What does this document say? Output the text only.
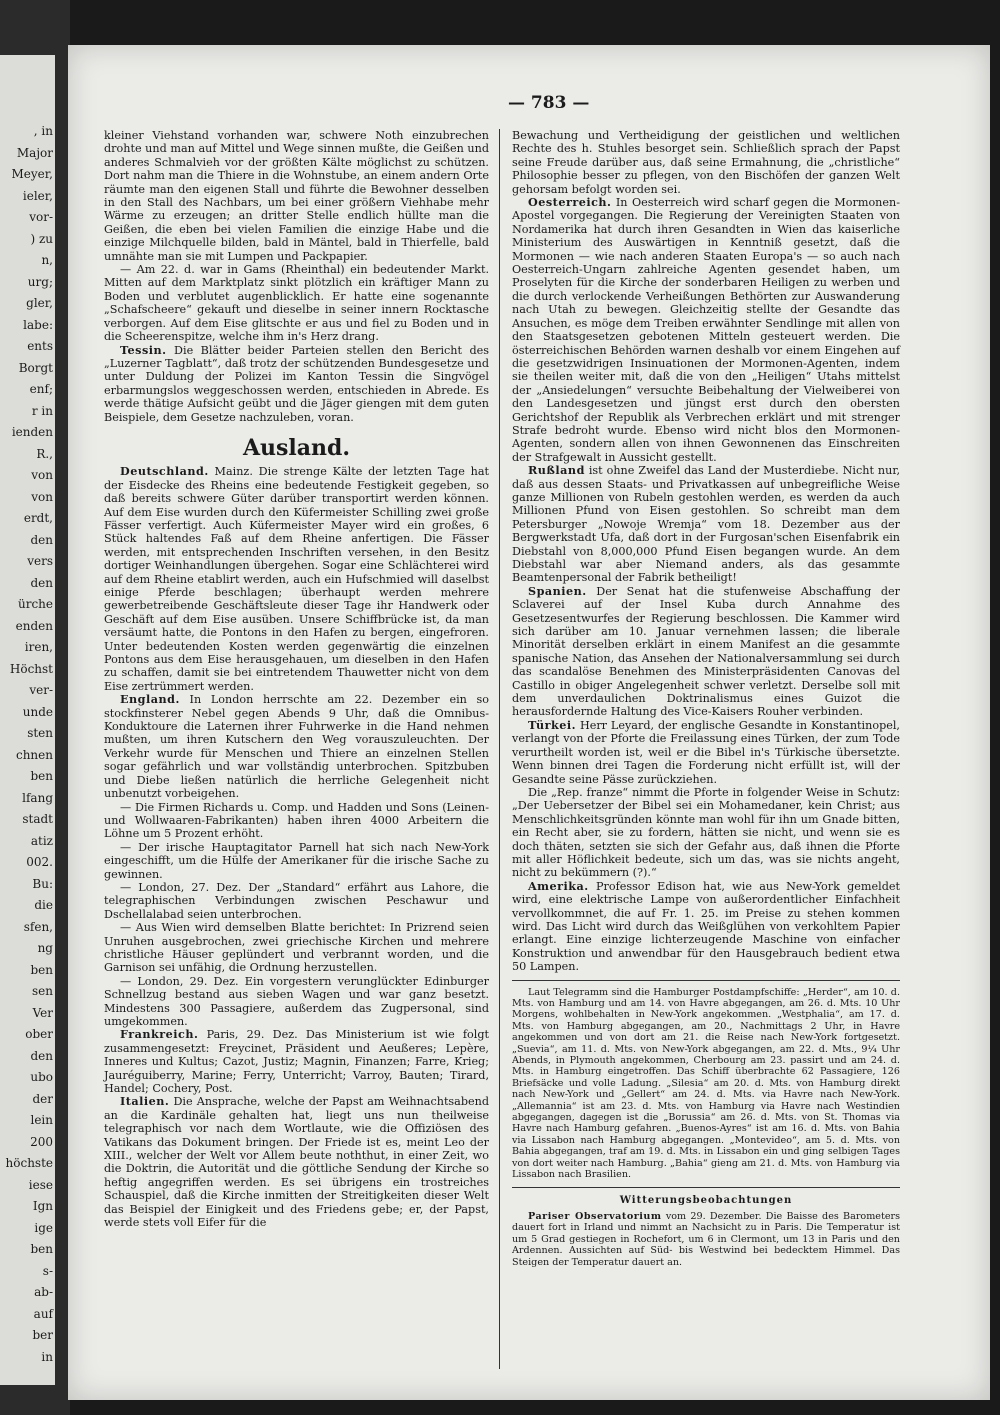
, in
Major
Meyer,
ieler,
vor-
) zu
n,
urg;
gler,
labe:
ents
Borgt
enf;
r in
ienden
R.,
von
von
erdt,
den
vers
den
ürche
enden
iren,
Höchst
ver-
unde
sten
chnen
ben
lfang
stadt
atiz
002.
Bu:
die
sfen,
ng
ben
sen
Ver
ober
den
ubo
der
lein
200
höchste
iese
Ign
ige
ben
s-
ab-
auf
ber
in
— 783 —

kleiner Viehstand vorhanden war, schwere Noth einzubrechen drohte und man auf Mittel und Wege sinnen mußte, die Geißen und anderes Schmalvieh vor der größten Kälte möglichst zu schützen. Dort nahm man die Thiere in die Wohnstube, an einem andern Orte räumte man den eigenen Stall und führte die Bewohner desselben in den Stall des Nachbars, um bei einer größern Viehhabe mehr Wärme zu erzeugen; an dritter Stelle endlich hüllte man die Geißen, die eben bei vielen Familien die einzige Habe und die einzige Milchquelle bilden, bald in Mäntel, bald in Thierfelle, bald umnähte man sie mit Lumpen und Packpapier.

— Am 22. d. war in Gams (Rheinthal) ein bedeutender Markt. Mitten auf dem Marktplatz sinkt plötzlich ein kräftiger Mann zu Boden und verblutet augenblicklich. Er hatte eine sogenannte „Schafscheere“ gekauft und dieselbe in seiner innern Rocktasche verborgen. Auf dem Eise glitschte er aus und fiel zu Boden und in die Scheerenspitze, welche ihm in's Herz drang.

Tessin. Die Blätter beider Parteien stellen den Bericht des „Luzerner Tagblatt“, daß trotz der schützenden Bundesgesetze und unter Duldung der Polizei im Kanton Tessin die Singvögel erbarmungslos weggeschossen werden, entschieden in Abrede. Es werde thätige Aufsicht geübt und die Jäger giengen mit dem guten Beispiele, dem Gesetze nachzuleben, voran.

Ausland.

Deutschland. Mainz. Die strenge Kälte der letzten Tage hat der Eisdecke des Rheins eine bedeutende Festigkeit gegeben, so daß bereits schwere Güter darüber transportirt werden können. Auf dem Eise wurden durch den Küfermeister Schilling zwei große Fässer verfertigt. Auch Küfermeister Mayer wird ein großes, 6 Stück haltendes Faß auf dem Rheine anfertigen. Die Fässer werden, mit entsprechenden Inschriften versehen, in den Besitz dortiger Weinhandlungen übergehen. Sogar eine Schlächterei wird auf dem Rheine etablirt werden, auch ein Hufschmied will daselbst einige Pferde beschlagen; überhaupt werden mehrere gewerbetreibende Geschäftsleute dieser Tage ihr Handwerk oder Geschäft auf dem Eise ausüben. Unsere Schiffbrücke ist, da man versäumt hatte, die Pontons in den Hafen zu bergen, eingefroren. Unter bedeutenden Kosten werden gegenwärtig die einzelnen Pontons aus dem Eise herausgehauen, um dieselben in den Hafen zu schaffen, damit sie bei eintretendem Thauwetter nicht von dem Eise zertrümmert werden.

England. In London herrschte am 22. Dezember ein so stockfinsterer Nebel gegen Abends 9 Uhr, daß die Omnibus-Konduktoure die Laternen ihrer Fuhrwerke in die Hand nehmen mußten, um ihren Kutschern den Weg vorauszuleuchten. Der Verkehr wurde für Menschen und Thiere an einzelnen Stellen sogar gefährlich und war vollständig unterbrochen. Spitzbuben und Diebe ließen natürlich die herrliche Gelegenheit nicht unbenutzt vorbeigehen.

— Die Firmen Richards u. Comp. und Hadden und Sons (Leinen- und Wollwaaren-Fabrikanten) haben ihren 4000 Arbeitern die Löhne um 5 Prozent erhöht.

— Der irische Hauptagitator Parnell hat sich nach New-York eingeschifft, um die Hülfe der Amerikaner für die irische Sache zu gewinnen.

— London, 27. Dez. Der „Standard“ erfährt aus Lahore, die telegraphischen Verbindungen zwischen Peschawur und Dschellalabad seien unterbrochen.

— Aus Wien wird demselben Blatte berichtet: In Prizrend seien Unruhen ausgebrochen, zwei griechische Kirchen und mehrere christliche Häuser geplündert und verbrannt worden, und die Garnison sei unfähig, die Ordnung herzustellen.

— London, 29. Dez. Ein vorgestern verunglückter Edinburger Schnellzug bestand aus sieben Wagen und war ganz besetzt. Mindestens 300 Passagiere, außerdem das Zugpersonal, sind umgekommen.

Frankreich. Paris, 29. Dez. Das Ministerium ist wie folgt zusammengesetzt: Freycinet, Präsident und Aeußeres; Lepère, Inneres und Kultus; Cazot, Justiz; Magnin, Finanzen; Farre, Krieg; Jauréguiberry, Marine; Ferry, Unterricht; Varroy, Bauten; Tirard, Handel; Cochery, Post.

Italien. Die Ansprache, welche der Papst am Weihnachtsabend an die Kardinäle gehalten hat, liegt uns nun theilweise telegraphisch vor nach dem Wortlaute, wie die Offiziösen des Vatikans das Dokument bringen. Der Friede ist es, meint Leo der XIII., welcher der Welt vor Allem beute noththut, in einer Zeit, wo die Doktrin, die Autorität und die göttliche Sendung der Kirche so heftig angegriffen werden. Es sei übrigens ein trostreiches Schauspiel, daß die Kirche inmitten der Streitigkeiten dieser Welt das Beispiel der Einigkeit und des Friedens gebe; er, der Papst, werde stets voll Eifer für die

Bewachung und Vertheidigung der geistlichen und weltlichen Rechte des h. Stuhles besorget sein. Schließlich sprach der Papst seine Freude darüber aus, daß seine Ermahnung, die „christliche“ Philosophie besser zu pflegen, von den Bischöfen der ganzen Welt gehorsam befolgt worden sei.

Oesterreich. In Oesterreich wird scharf gegen die Mormonen-Apostel vorgegangen. Die Regierung der Vereinigten Staaten von Nordamerika hat durch ihren Gesandten in Wien das kaiserliche Ministerium des Auswärtigen in Kenntniß gesetzt, daß die Mormonen — wie nach anderen Staaten Europa's — so auch nach Oesterreich-Ungarn zahlreiche Agenten gesendet haben, um Proselyten für die Kirche der sonderbaren Heiligen zu werben und die durch verlockende Verheißungen Bethörten zur Auswanderung nach Utah zu bewegen. Gleichzeitig stellte der Gesandte das Ansuchen, es möge dem Treiben erwähnter Sendlinge mit allen von den Staatsgesetzen gebotenen Mitteln gesteuert werden. Die österreichischen Behörden warnen deshalb vor einem Eingehen auf die gesetzwidrigen Insinuationen der Mormonen-Agenten, indem sie theilen weiter mit, daß die von den „Heiligen“ Utahs mittelst der „Ansiedelungen“ versuchte Beibehaltung der Vielweiberei von den Landesgesetzen und jüngst erst durch den obersten Gerichtshof der Republik als Verbrechen erklärt und mit strenger Strafe bedroht wurde. Ebenso wird nicht blos den Mormonen-Agenten, sondern allen von ihnen Gewonnenen das Einschreiten der Strafgewalt in Aussicht gestellt.

Rußland ist ohne Zweifel das Land der Musterdiebe. Nicht nur, daß aus dessen Staats- und Privatkassen auf unbegreifliche Weise ganze Millionen von Rubeln gestohlen werden, es werden da auch Millionen Pfund von Eisen gestohlen. So schreibt man dem Petersburger „Nowoje Wremja“ vom 18. Dezember aus der Bergwerkstadt Ufa, daß dort in der Furgosan'schen Eisenfabrik ein Diebstahl von 8,000,000 Pfund Eisen begangen wurde. An dem Diebstahl war aber Niemand anders, als das gesammte Beamtenpersonal der Fabrik betheiligt!

Spanien. Der Senat hat die stufenweise Abschaffung der Sclaverei auf der Insel Kuba durch Annahme des Gesetzesentwurfes der Regierung beschlossen. Die Kammer wird sich darüber am 10. Januar vernehmen lassen; die liberale Minorität derselben erklärt in einem Manifest an die gesammte spanische Nation, das Ansehen der Nationalversammlung sei durch das scandalöse Benehmen des Ministerpräsidenten Canovas del Castillo in obiger Angelegenheit schwer verletzt. Derselbe soll mit dem unverdaulichen Doktrinalismus eines Guizot die herausfordernde Haltung des Vice-Kaisers Rouher verbinden.

Türkei. Herr Leyard, der englische Gesandte in Konstantinopel, verlangt von der Pforte die Freilassung eines Türken, der zum Tode verurtheilt worden ist, weil er die Bibel in's Türkische übersetzte. Wenn binnen drei Tagen die Forderung nicht erfüllt ist, will der Gesandte seine Pässe zurückziehen.

Die „Rep. franze“ nimmt die Pforte in folgender Weise in Schutz: „Der Uebersetzer der Bibel sei ein Mohamedaner, kein Christ; aus Menschlichkeitsgründen könnte man wohl für ihn um Gnade bitten, ein Recht aber, sie zu fordern, hätten sie nicht, und wenn sie es doch thäten, setzten sie sich der Gefahr aus, daß ihnen die Pforte mit aller Höflichkeit bedeute, sich um das, was sie nichts angeht, nicht zu bekümmern (?).“

Amerika. Professor Edison hat, wie aus New-York gemeldet wird, eine elektrische Lampe von außerordentlicher Einfachheit vervollkommnet, die auf Fr. 1. 25. im Preise zu stehen kommen wird. Das Licht wird durch das Weißglühen von verkohltem Papier erlangt. Eine einzige lichterzeugende Maschine von einfacher Konstruktion und anwendbar für den Hausgebrauch bedient etwa 50 Lampen.

Laut Telegramm sind die Hamburger Postdampfschiffe: „Herder“, am 10. d. Mts. von Hamburg und am 14. von Havre abgegangen, am 26. d. Mts. 10 Uhr Morgens, wohlbehalten in New-York angekommen. „Westphalia“, am 17. d. Mts. von Hamburg abgegangen, am 20., Nachmittags 2 Uhr, in Havre angekommen und von dort am 21. die Reise nach New-York fortgesetzt. „Suevia“, am 11. d. Mts. von New-York abgegangen, am 22. d. Mts., 9¼ Uhr Abends, in Plymouth angekommen, Cherbourg am 23. passirt und am 24. d. Mts. in Hamburg eingetroffen. Das Schiff überbrachte 62 Passagiere, 126 Briefsäcke und volle Ladung. „Silesia“ am 20. d. Mts. von Hamburg direkt nach New-York und „Gellert“ am 24. d. Mts. via Havre nach New-York. „Allemannia“ ist am 23. d. Mts. von Hamburg via Havre nach Westindien abgegangen, dagegen ist die „Borussia“ am 26. d. Mts. von St. Thomas via Havre nach Hamburg gefahren. „Buenos-Ayres“ ist am 16. d. Mts. von Bahia via Lissabon nach Hamburg abgegangen. „Montevideo“, am 5. d. Mts. von Bahia abgegangen, traf am 19. d. Mts. in Lissabon ein und ging selbigen Tages von dort weiter nach Hamburg. „Bahia“ gieng am 21. d. Mts. von Hamburg via Lissabon nach Brasilien.

Witterungsbeobachtungen

Pariser Observatorium vom 29. Dezember. Die Baisse des Barometers dauert fort in Irland und nimmt an Nachsicht zu in Paris. Die Temperatur ist um 5 Grad gestiegen in Rochefort, um 6 in Clermont, um 13 in Paris und den Ardennen. Aussichten auf Süd- bis Westwind bei bedecktem Himmel. Das Steigen der Temperatur dauert an.
